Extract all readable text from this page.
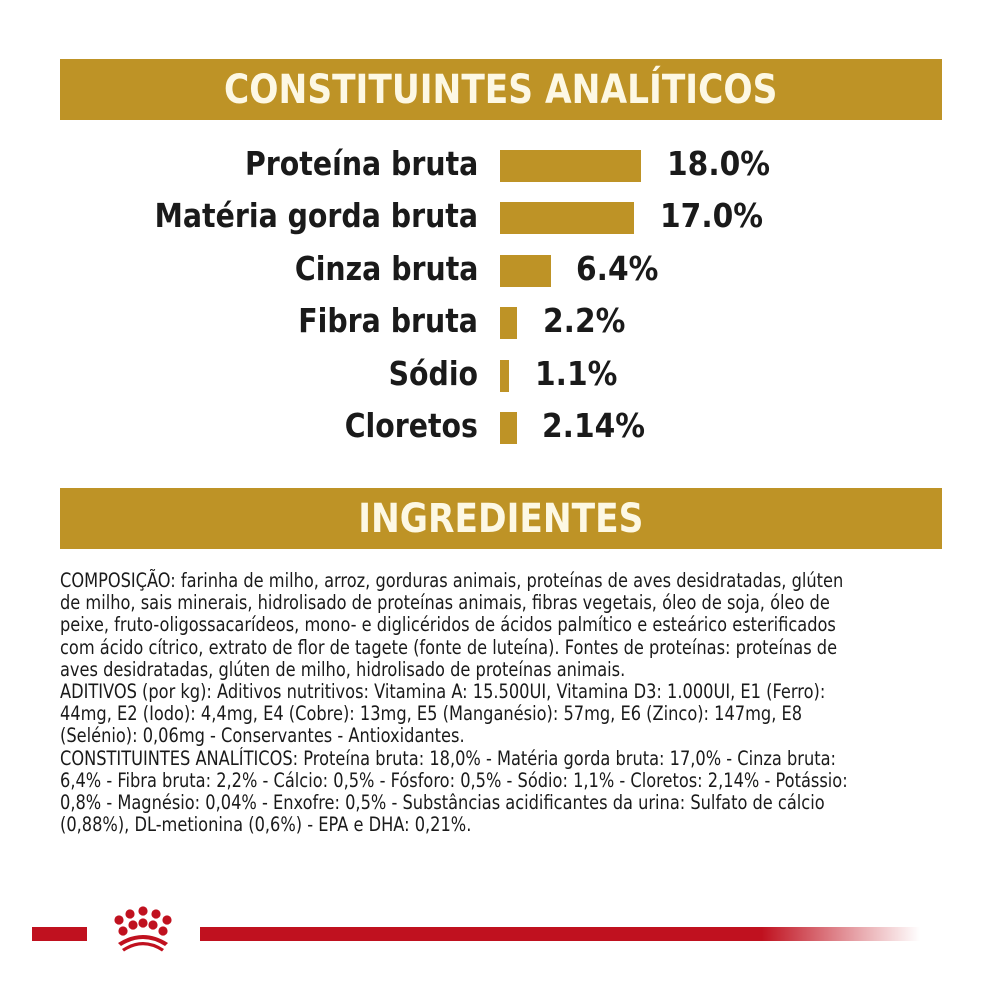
CONSTITUINTES ANALÍTICOS
Proteína bruta	18.0%
Matéria gorda bruta	17.0%
Cinza bruta	6.4%
Fibra bruta 2.2%
Sódio 1.1%
Cloretos 2.14%
INGREDIENTES

COMPOSIÇÃO: farinha de milho, arroz, gorduras animais, proteínas de aves desidratadas, glúten

de milho, sais minerais, hidrolisado de proteínas animais, fibras vegetais, óleo de soja, óleo de

peixe, fruto-oligossacarídeos, mono- e diglicéridos de ácidos palmítico e esteárico esterificados

com ácido cítrico, extrato de flor de tagete (fonte de luteína). Fontes de proteínas: proteínas de

aves desidratadas, glúten de milho, hidrolisado de proteínas animais.

ADITIVOS (por kg): Aditivos nutritivos: Vitamina A: 15.500UI, Vitamina D3: 1.000UI, E1 (Ferro):

44mg, E2 (Iodo): 4,4mg, E4 (Cobre): 13mg, E5 (Manganésio): 57mg, E6 (Zinco): 147mg, E8

(Selénio): 0,06mg - Conservantes - Antioxidantes.

CONSTITUINTES ANALÍTICOS: Proteína bruta: 18,0% - Matéria gorda bruta: 17,0% - Cinza bruta:

6,4% - Fibra bruta: 2,2% - Cálcio: 0,5% - Fósforo: 0,5% - Sódio: 1,1% - Cloretos: 2,14% - Potássio:

0,8% - Magnésio: 0,04% - Enxofre: 0,5% - Substâncias acidificantes da urina: Sulfato de cálcio

(0,88%), DL-metionina (0,6%) - EPA e DHA: 0,21%.
